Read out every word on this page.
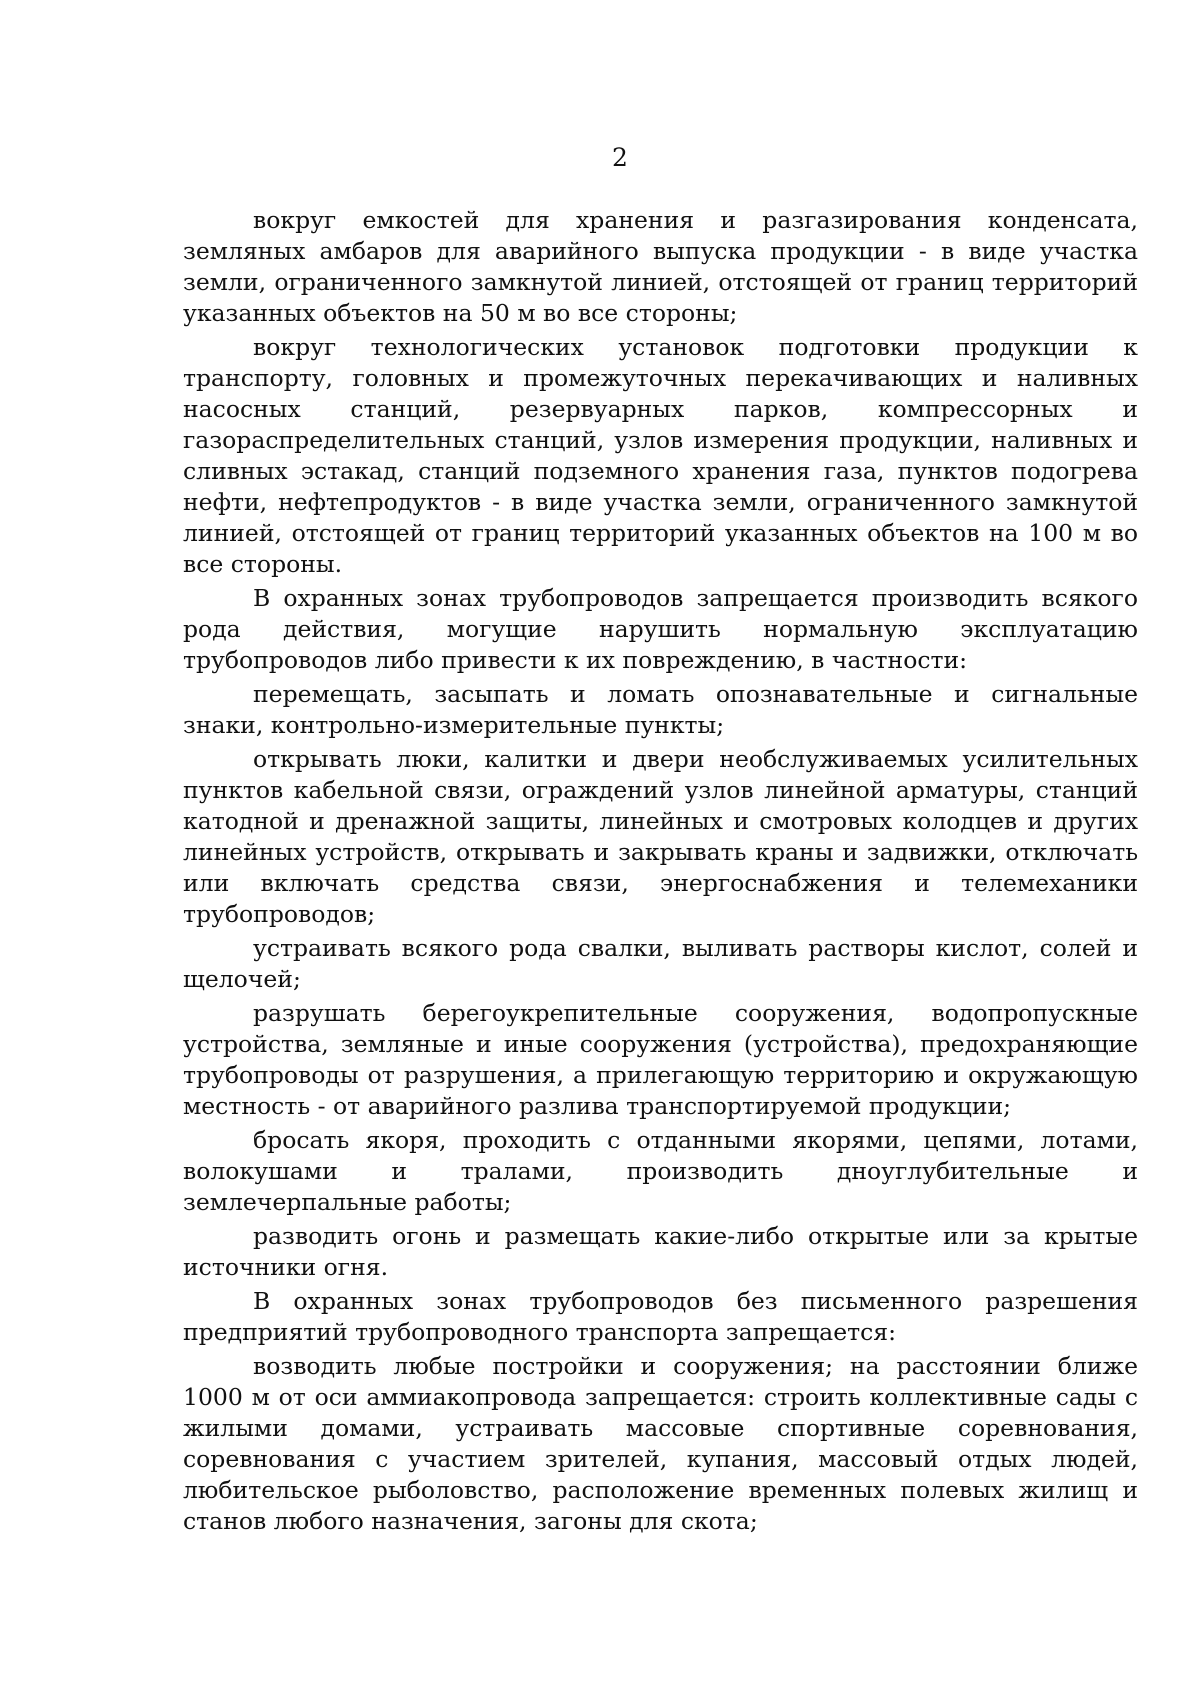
2

вокруг емкостей для хранения и разгазирования конденсата, земляных амбаров для аварийного выпуска продукции - в виде участка земли, ограниченного замкнутой линией, отстоящей от границ территорий указанных объектов на 50 м во все стороны;

вокруг технологических установок подготовки продукции к транспорту, головных и промежуточных перекачивающих и наливных насосных станций, резервуарных парков, компрессорных и газораспределительных станций, узлов измерения продукции, наливных и сливных эстакад, станций подземного хранения газа, пунктов подогрева нефти, нефтепродуктов - в виде участка земли, ограниченного замкнутой линией, отстоящей от границ территорий указанных объектов на 100 м во все стороны.

В охранных зонах трубопроводов запрещается производить всякого рода действия, могущие нарушить нормальную эксплуатацию трубопроводов либо привести к их повреждению, в частности:

перемещать, засыпать и ломать опознавательные и сигнальные знаки, контрольно-измерительные пункты;

открывать люки, калитки и двери необслуживаемых усилительных пунктов кабельной связи, ограждений узлов линейной арматуры, станций катодной и дренажной защиты, линейных и смотровых колодцев и других линейных устройств, открывать и закрывать краны и задвижки, отключать или включать средства связи, энергоснабжения и телемеханики трубопроводов;

устраивать всякого рода свалки, выливать растворы кислот, солей и щелочей;

разрушать берегоукрепительные сооружения, водопропускные устройства, земляные и иные сооружения (устройства), предохраняющие трубопроводы от разрушения, а прилегающую территорию и окружающую местность - от аварийного разлива транспортируемой продукции;

бросать якоря, проходить с отданными якорями, цепями, лотами, волокушами и тралами, производить дноуглубительные и землечерпальные работы;

разводить огонь и размещать какие-либо открытые или за крытые источники огня.

В охранных зонах трубопроводов без письменного разрешения предприятий трубопроводного транспорта запрещается:

возводить любые постройки и сооружения; на расстоянии ближе 1000 м от оси аммиакопровода запрещается: строить коллективные сады с жилыми домами, устраивать массовые спортивные соревнования, соревнования с участием зрителей, купания, массовый отдых людей, любительское рыболовство, расположение временных полевых жилищ и станов любого назначения, загоны для скота;
